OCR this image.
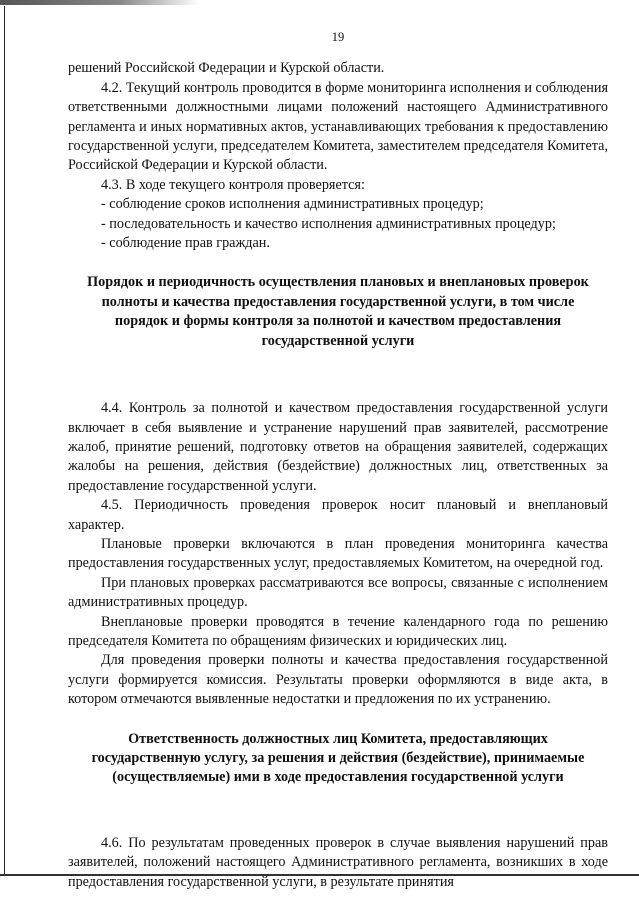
19

решений Российской Федерации и Курской области.

4.2. Текущий контроль проводится в форме мониторинга исполнения и соблюдения ответственными должностными лицами положений настоящего Административного регламента и иных нормативных актов, устанавливающих требования к предоставлению государственной услуги, председателем Комитета, заместителем председателя Комитета, Российской Федерации и Курской области.

4.3. В ходе текущего контроля проверяется:

- соблюдение сроков исполнения административных процедур;

- последовательность и качество исполнения административных процедур;

- соблюдение прав граждан.

Порядок и периодичность осуществления плановых и внеплановых проверок полноты и качества предоставления государственной услуги, в том числе порядок и формы контроля за полнотой и качеством предоставления государственной услуги

4.4. Контроль за полнотой и качеством предоставления государственной услуги включает в себя выявление и устранение нарушений прав заявителей, рассмотрение жалоб, принятие решений, подготовку ответов на обращения заявителей, содержащих жалобы на решения, действия (бездействие) должностных лиц, ответственных за предоставление государственной услуги.

4.5. Периодичность проведения проверок носит плановый и внеплановый характер.

Плановые проверки включаются в план проведения мониторинга качества предоставления государственных услуг, предоставляемых Комитетом, на очередной год.

При плановых проверках рассматриваются все вопросы, связанные с исполнением административных процедур.

Внеплановые проверки проводятся в течение календарного года по решению председателя Комитета по обращениям физических и юридических лиц.

Для проведения проверки полноты и качества предоставления государственной услуги формируется комиссия. Результаты проверки оформляются в виде акта, в котором отмечаются выявленные недостатки и предложения по их устранению.

Ответственность должностных лиц Комитета, предоставляющих государственную услугу, за решения и действия (бездействие), принимаемые (осуществляемые) ими в ходе предоставления государственной услуги

4.6. По результатам проведенных проверок в случае выявления нарушений прав заявителей, положений настоящего Административного регламента, возникших в ходе предоставления государственной услуги, в результате принятия
